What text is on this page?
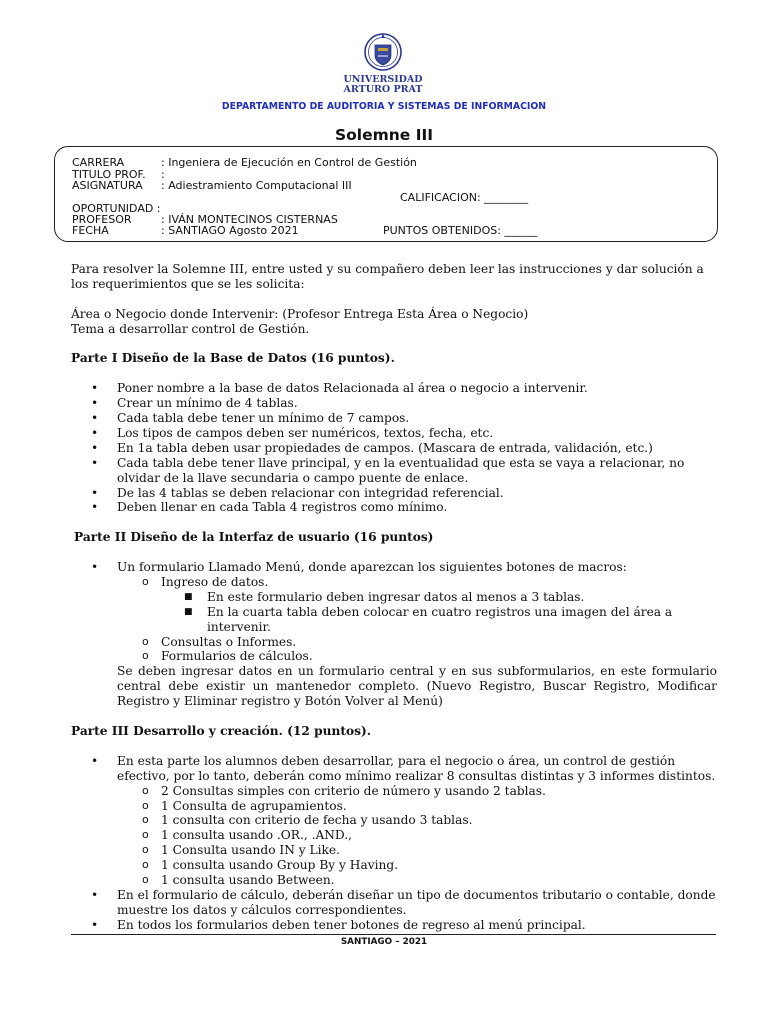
UNIVERSIDAD
ARTURO PRAT
DEPARTAMENTO DE AUDITORIA Y SISTEMAS DE INFORMACION
Solemne III
CARRERA	: Ingeniera de Ejecución en Control de Gestión
TITULO PROF. :
ASIGNATURA : Adiestramiento Computacional III
CALIFICACION: ________
OPORTUNIDAD :
PROFESOR	: IVÁN MONTECINOS CISTERNAS
FECHA	: SANTIAGO Agosto 2021	PUNTOS OBTENIDOS: ______

Para resolver la Solemne III, entre usted y su compañero deben leer las instrucciones y dar solución a los requerimientos que se les solicita:

Área o Negocio donde Intervenir: (Profesor Entrega Esta Área o Negocio)

Tema a desarrollar control de Gestión.

Parte I Diseño de la Base de Datos (16 puntos).

• Poner nombre a la base de datos Relacionada al área o negocio a intervenir.
• Crear un mínimo de 4 tablas.
• Cada tabla debe tener un mínimo de 7 campos.
• Los tipos de campos deben ser numéricos, textos, fecha, etc.
• En 1a tabla deben usar propiedades de campos. (Mascara de entrada, validación, etc.)
• Cada tabla debe tener llave principal, y en la eventualidad que esta se vaya a relacionar, no olvidar de la llave secundaria o campo puente de enlace.
• De las 4 tablas se deben relacionar con integridad referencial.
• Deben llenar en cada Tabla 4 registros como mínimo.

Parte II Diseño de la Interfaz de usuario (16 puntos)

• Un formulario Llamado Menú, donde aparezcan los siguientes botones de macros:
o Ingreso de datos.
■ En este formulario deben ingresar datos al menos a 3 tablas.
■ En la cuarta tabla deben colocar en cuatro registros una imagen del área a intervenir.
o Consultas o Informes.
o Formularios de cálculos.

Se deben ingresar datos en un formulario central y en sus subformularios, en este formulario central debe existir un mantenedor completo. (Nuevo Registro, Buscar Registro, Modificar Registro y Eliminar registro y Botón Volver al Menú)

Parte III Desarrollo y creación. (12 puntos).

• En esta parte los alumnos deben desarrollar, para el negocio o área, un control de gestión efectivo, por lo tanto, deberán como mínimo realizar 8 consultas distintas y 3 informes distintos.
o 2 Consultas simples con criterio de número y usando 2 tablas.
o 1 Consulta de agrupamientos.
o 1 consulta con criterio de fecha y usando 3 tablas.
o 1 consulta usando .OR., .AND.,
o 1 Consulta usando IN y Like.
o 1 consulta usando Group By y Having.
o 1 consulta usando Between.
• En el formulario de cálculo, deberán diseñar un tipo de documentos tributario o contable, donde muestre los datos y cálculos correspondientes.
• En todos los formularios deben tener botones de regreso al menú principal.
SANTIAGO – 2021
